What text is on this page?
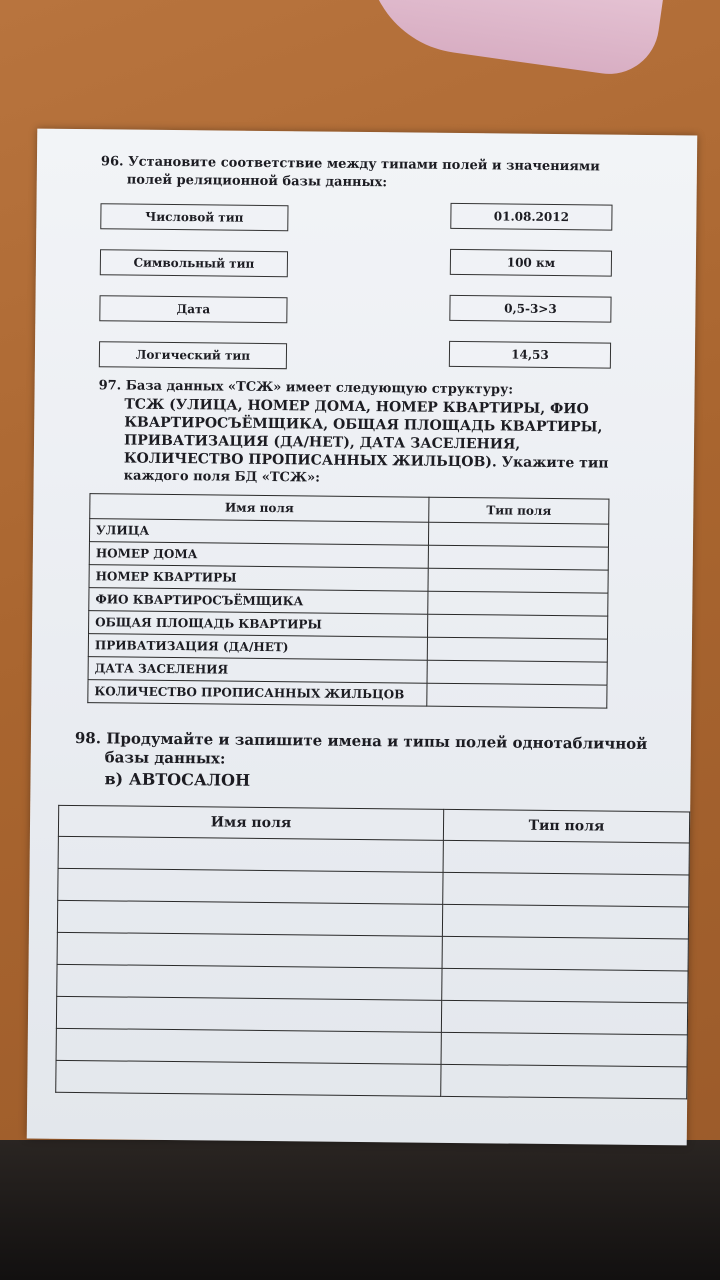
96. Установите соответствие между типами полей и значениями
полей реляционной базы данных:
Числовой тип
Символьный тип
Дата
Логический тип
01.08.2012
100 км
0,5-3>3
14,53
97. База данных «ТСЖ» имеет следующую структуру:
ТСЖ (УЛИЦА, НОМЕР ДОМА, НОМЕР КВАРТИРЫ, ФИО
КВАРТИРОСЪЁМЩИКА, ОБЩАЯ ПЛОЩАДЬ КВАРТИРЫ,
ПРИВАТИЗАЦИЯ (ДА/НЕТ), ДАТА ЗАСЕЛЕНИЯ,
КОЛИЧЕСТВО ПРОПИСАННЫХ ЖИЛЬЦОВ). Укажите тип
каждого поля БД «ТСЖ»:
Имя поля	Тип поля
УЛИЦА	
НОМЕР ДОМА	
НОМЕР КВАРТИРЫ	
ФИО КВАРТИРОСЪЁМЩИКА	
ОБЩАЯ ПЛОЩАДЬ КВАРТИРЫ	
ПРИВАТИЗАЦИЯ (ДА/НЕТ)	
ДАТА ЗАСЕЛЕНИЯ	
КОЛИЧЕСТВО ПРОПИСАННЫХ ЖИЛЬЦОВ	
98. Продумайте и запишите имена и типы полей однотабличной
базы данных:
в) АВТОСАЛОН
Имя поля	Тип поля
